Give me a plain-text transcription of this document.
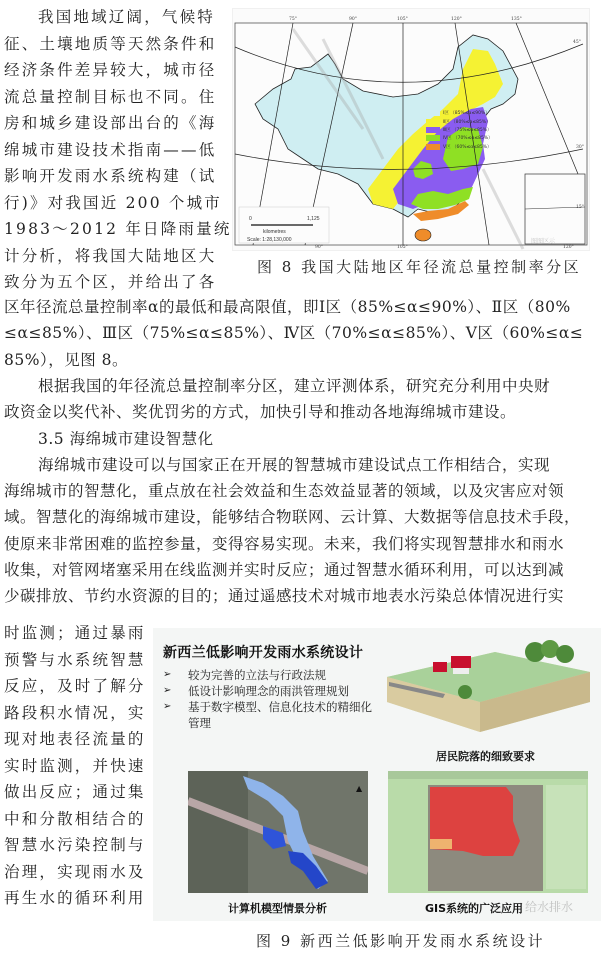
我国地域辽阔，气候特
征、土壤地质等天然条件和
经济条件差异较大，城市径
流总量控制目标也不同。住
房和城乡建设部出台的《海
绵城市建设技术指南——低
影响开发雨水系统构建（试
行)》对我国近 200 个城市
1983～2012 年日降雨量统
计分析，将我国大陆地区大
致分为五个区，并给出了各
75°	90°	105°	120°	135°
90°	105°	120°
45°
30°
15°
Ⅰ区 （85%≤α≤90%）
Ⅱ区 （80%≤α≤85%）
Ⅲ区 （75%≤α≤85%）
Ⅳ区 （70%≤α≤85%）
Ⅴ区 （60%≤α≤85%）
0	1,125
kilometres
Scale: 1:28,130,000	图图区示
图 8 我国大陆地区年径流总量控制率分区
区年径流总量控制率α的最低和最高限值，即Ⅰ区（85%≤α≤90%）、Ⅱ区（80%
≤α≤85%）、Ⅲ区（75%≤α≤85%）、Ⅳ区（70%≤α≤85%）、Ⅴ区（60%≤α≤
85%），见图 8。
根据我国的年径流总量控制率分区，建立评测体系，研究充分利用中央财
政资金以奖代补、奖优罚劣的方式，加快引导和推动各地海绵城市建设。
3.5 海绵城市建设智慧化
海绵城市建设可以与国家正在开展的智慧城市建设试点工作相结合，实现
海绵城市的智慧化，重点放在社会效益和生态效益显著的领域，以及灾害应对领
域。智慧化的海绵城市建设，能够结合物联网、云计算、大数据等信息技术手段，
使原来非常困难的监控参量，变得容易实现。未来，我们将实现智慧排水和雨水
收集，对管网堵塞采用在线监测并实时反应；通过智慧水循环利用，可以达到减
少碳排放、节约水资源的目的；通过遥感技术对城市地表水污染总体情况进行实
时监测；通过暴雨
预警与水系统智慧
反应，及时了解分
路段积水情况，实
现对地表径流量的
实时监测，并快速
做出反应；通过集
中和分散相结合的
智慧水污染控制与
治理，实现雨水及
再生水的循环利用
新西兰低影响开发雨水系统设计
➢	较为完善的立法与行政法规
➢	低设计影响理念的雨洪管理规划
➢	基于数字模型、信息化技术的精细化
管理
居民院落的细致要求
▲
计算机模型情景分析	GIS系统的广泛应用 给水排水
图 9 新西兰低影响开发雨水系统设计
